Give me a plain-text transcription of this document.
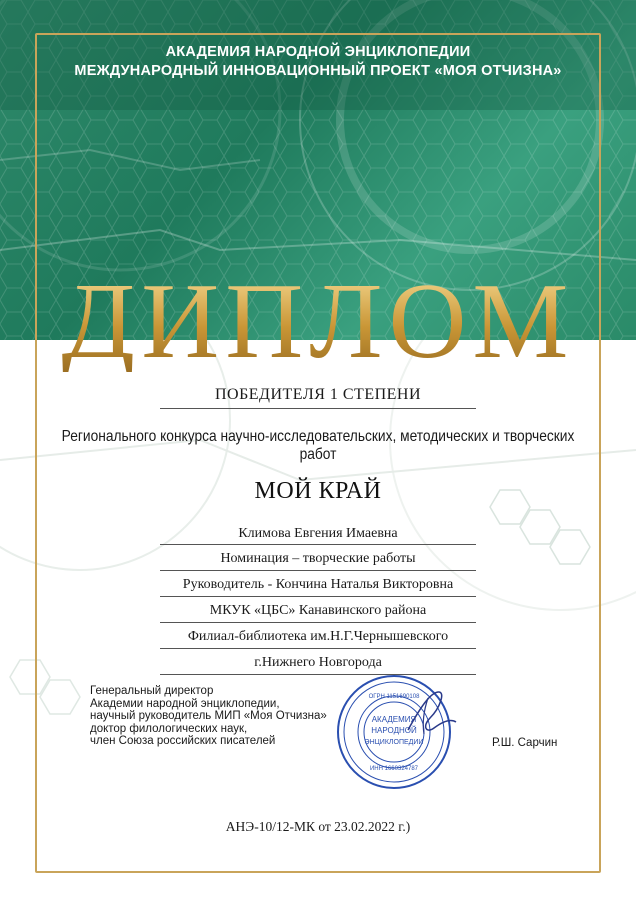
АКАДЕМИЯ НАРОДНОЙ ЭНЦИКЛОПЕДИИ
МЕЖДУНАРОДНЫЙ ИННОВАЦИОННЫЙ ПРОЕКТ «МОЯ ОТЧИЗНА»
ДИПЛОМ
ПОБЕДИТЕЛЯ 1 СТЕПЕНИ
Регионального конкурса научно-исследовательских, методических и творческих работ
МОЙ КРАЙ
Климова Евгения Имаевна
Номинация – творческие работы
Руководитель - Кончина Наталья Викторовна
МКУК «ЦБС» Канавинского района
Филиал-библиотека им.Н.Г.Чернышевского
г.Нижнего Новгорода
Генеральный директор
Академии народной энциклопедии,
научный руководитель МИП «Моя Отчизна»
доктор филологических наук,
член Союза российских писателей
АКАДЕМИЯ
НАРОДНОЙ
ЭНЦИКЛОПЕДИИ
ОГРН 1151690108
ИНН 1660324787
Р.Ш. Сарчин
АНЭ-10/12-МК от 23.02.2022 г.)
